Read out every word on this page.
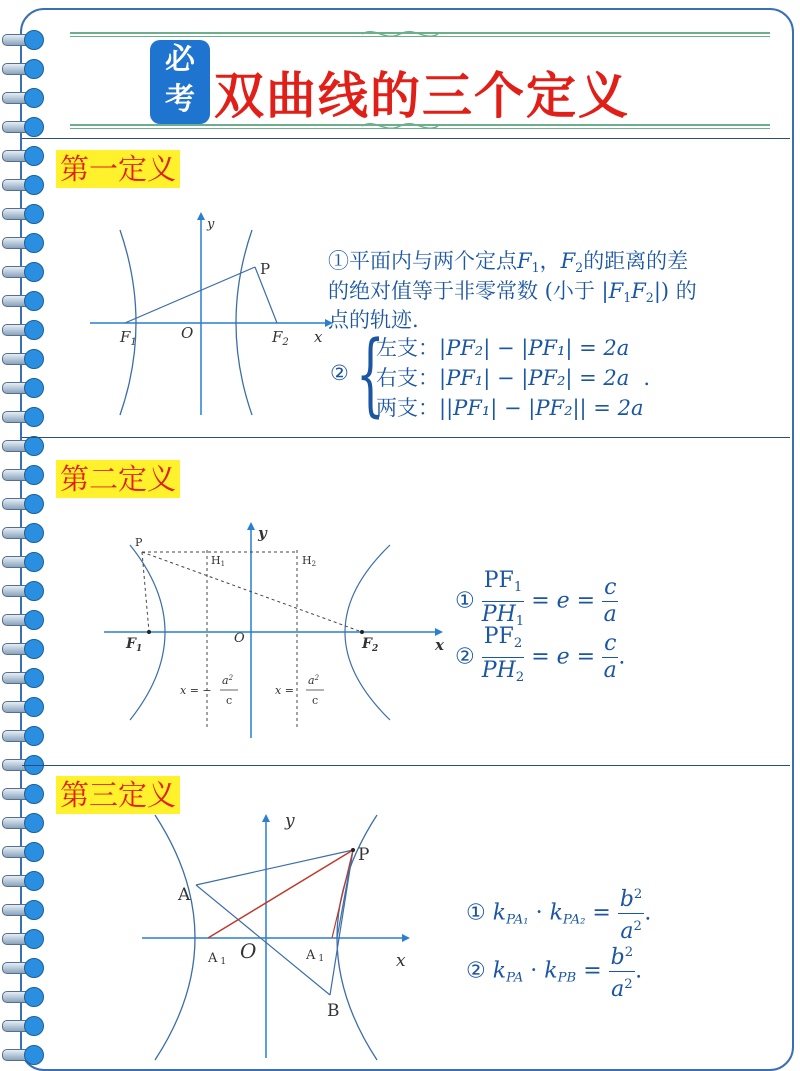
必
考 双曲线的三个定义
第一定义
y
x
P
O
$F_1$	$F_2$
①平面内与两个定点$F_1$，$F_2$的距离的差
的绝对值等于非零常数 (小于 $|F_1F_2|$) 的
点的轨迹.
② {
左支：|PF₂| − |PF₁| = 2a
右支：|PF₁| − |PF₂| = 2a .
两支：||PF₁| − |PF₂|| = 2a
第二定义
y
x
P
H1	H2
O
$F_1$	$F_2$
x = −
$a^2$
c
x =
$a^2$
c
① $\frac{PF_1}{PH_1} = e = \frac{c}{a}$
② $\frac{PF_2}{PH_2} = e = \frac{c}{a}$ .
第三定义
y
x
P
A
B
O
A 1	A 1
① $k_{PA_1} \cdot k_{PA_2} = \frac{b^2}{a^2}$ .
② $k_{PA} \cdot k_{PB} = \frac{b^2}{a^2}$ .
